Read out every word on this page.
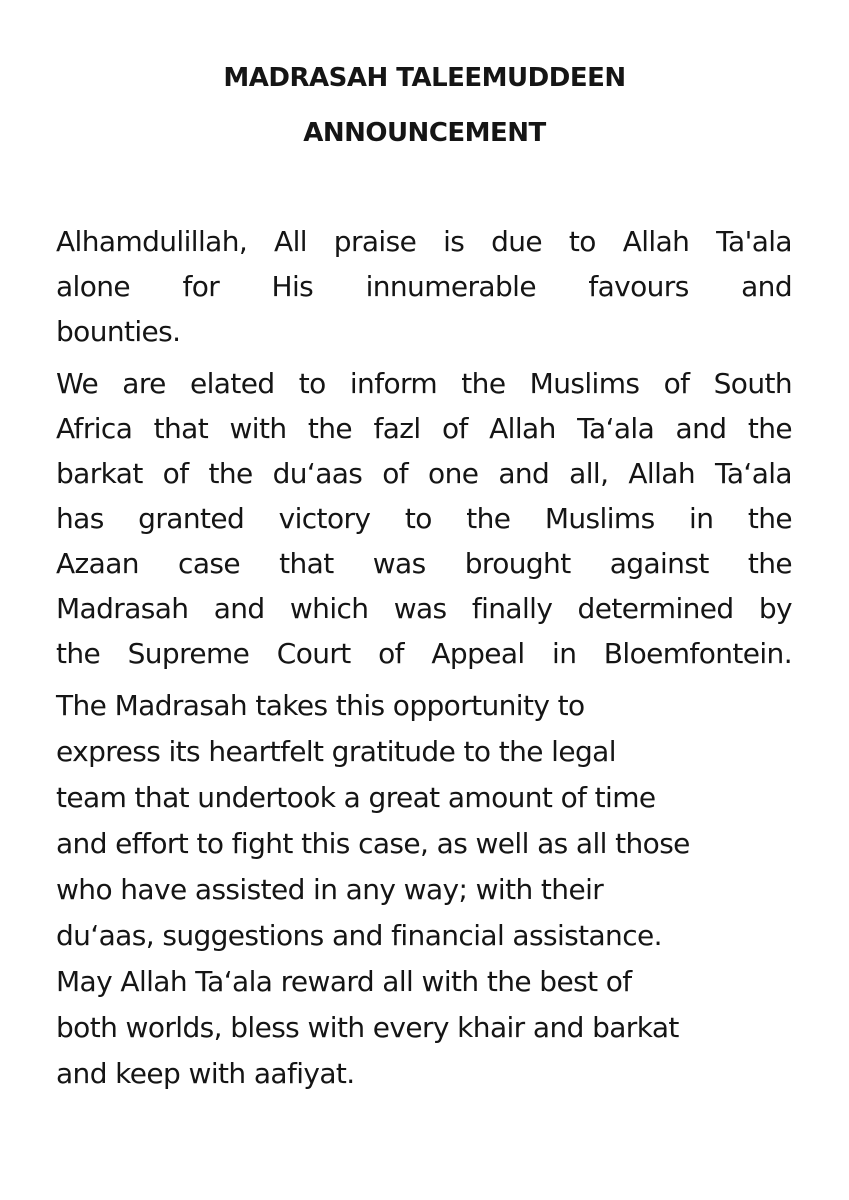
MADRASAH TALEEMUDDEEN
ANNOUNCEMENT
Alhamdulillah, All praise is due to Allah Ta'ala
alone for His innumerable favours and
bounties.
We are elated to inform the Muslims of South
Africa that with the fazl of Allah Ta‘ala and the
barkat of the du‘aas of one and all, Allah Ta‘ala
has granted victory to the Muslims in the
Azaan case that was brought against the
Madrasah and which was finally determined by
the Supreme Court of Appeal in Bloemfontein.
The Madrasah takes this opportunity to
express its heartfelt gratitude to the legal
team that undertook a great amount of time
and effort to fight this case, as well as all those
who have assisted in any way; with their
du‘aas, suggestions and financial assistance.
May Allah Ta‘ala reward all with the best of
both worlds, bless with every khair and barkat
and keep with aafiyat.
